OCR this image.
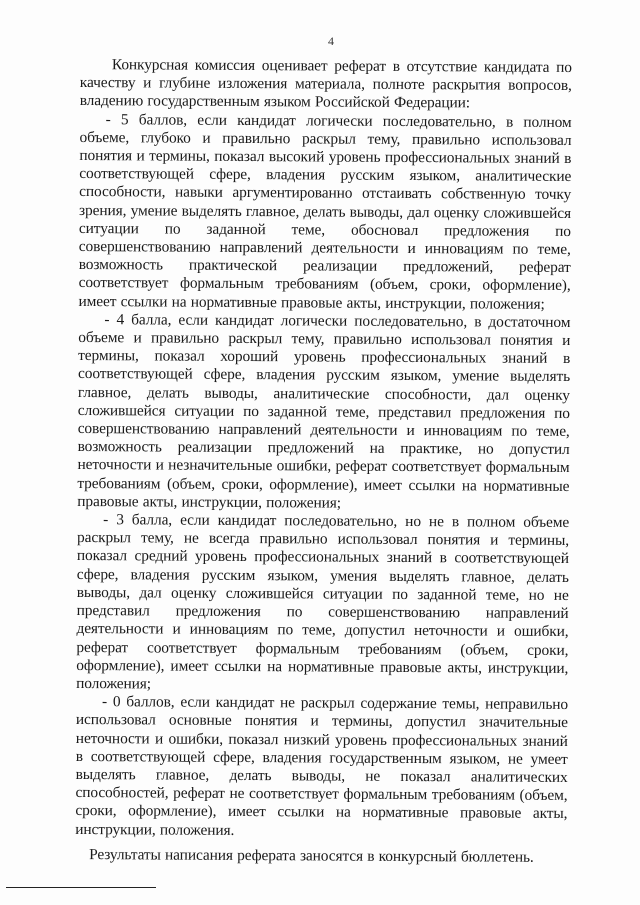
4

Конкурсная комиссия оценивает реферат в отсутствие кандидата по качеству и глубине изложения материала, полноте раскрытия вопросов, владению государственным языком Российской Федерации:

- 5 баллов, если кандидат логически последовательно, в полном объеме, глубоко и правильно раскрыл тему, правильно использовал понятия и термины, показал высокий уровень профессиональных знаний в соответствующей сфере, владения русским языком, аналитические способности, навыки аргументированно отстаивать собственную точку зрения, умение выделять главное, делать выводы, дал оценку сложившейся ситуации по заданной теме, обосновал предложения по совершенствованию направлений деятельности и инновациям по теме, возможность практической реализации предложений, реферат соответствует формальным требованиям (объем, сроки, оформление), имеет ссылки на нормативные правовые акты, инструкции, положения;

- 4 балла, если кандидат логически последовательно, в достаточном объеме и правильно раскрыл тему, правильно использовал понятия и термины, показал хороший уровень профессиональных знаний в соответствующей сфере, владения русским языком, умение выделять главное, делать выводы, аналитические способности, дал оценку сложившейся ситуации по заданной теме, представил предложения по совершенствованию направлений деятельности и инновациям по теме, возможность реализации предложений на практике, но допустил неточности и незначительные ошибки, реферат соответствует формальным требованиям (объем, сроки, оформление), имеет ссылки на нормативные правовые акты, инструкции, положения;

- 3 балла, если кандидат последовательно, но не в полном объеме раскрыл тему, не всегда правильно использовал понятия и термины, показал средний уровень профессиональных знаний в соответствующей сфере, владения русским языком, умения выделять главное, делать выводы, дал оценку сложившейся ситуации по заданной теме, но не представил предложения по совершенствованию направлений деятельности и инновациям по теме, допустил неточности и ошибки, реферат соответствует формальным требованиям (объем, сроки, оформление), имеет ссылки на нормативные правовые акты, инструкции, положения;

- 0 баллов, если кандидат не раскрыл содержание темы, неправильно использовал основные понятия и термины, допустил значительные неточности и ошибки, показал низкий уровень профессиональных знаний в соответствующей сфере, владения государственным языком, не умеет выделять главное, делать выводы, не показал аналитических способностей, реферат не соответствует формальным требованиям (объем, сроки, оформление), имеет ссылки на нормативные правовые акты, инструкции, положения.

Результаты написания реферата заносятся в конкурсный бюллетень.
